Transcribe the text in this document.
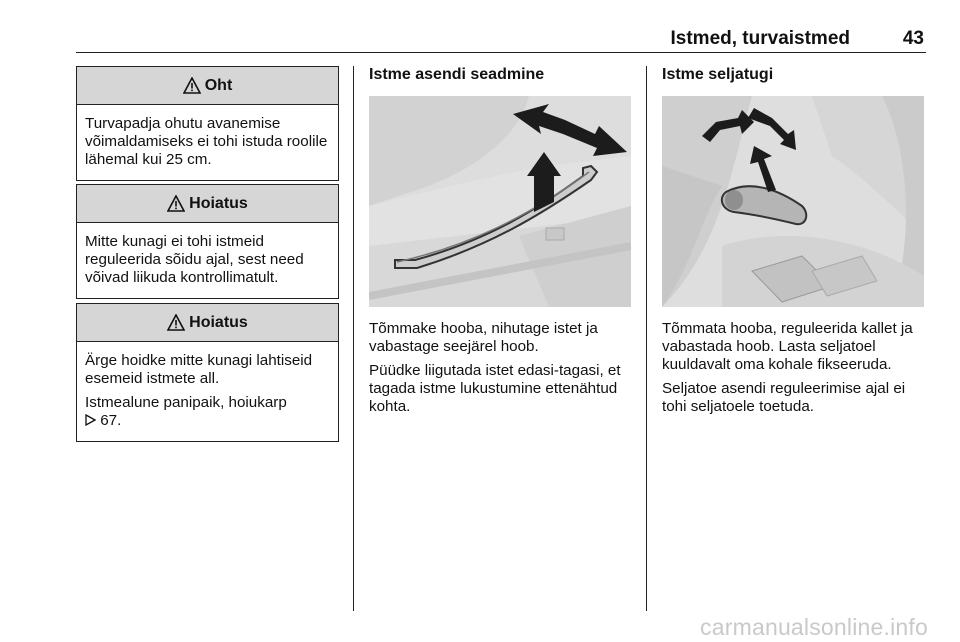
Istmed, turvaistmed	43
Oht

Turvapadja ohutu avanemise võimaldamiseks ei tohi istuda roolile lähemal kui 25 cm.

Hoiatus

Mitte kunagi ei tohi istmeid reguleerida sõidu ajal, sest need võivad liikuda kontrollimatult.

Hoiatus

Ärge hoidke mitte kunagi lahtiseid esemeid istmete all.

Istmealune panipaik, hoiukarp
67.

Istme asendi seadmine

Tõmmake hooba, nihutage istet ja vabastage seejärel hoob.

Püüdke liigutada istet edasi-tagasi, et tagada istme lukustumine ettenähtud kohta.

Istme seljatugi

Tõmmata hooba, reguleerida kallet ja vabastada hoob. Lasta seljatoel kuuldavalt oma kohale fikseeruda.

Seljatoe asendi reguleerimise ajal ei tohi seljatoele toetuda.

carmanualsonline.info
